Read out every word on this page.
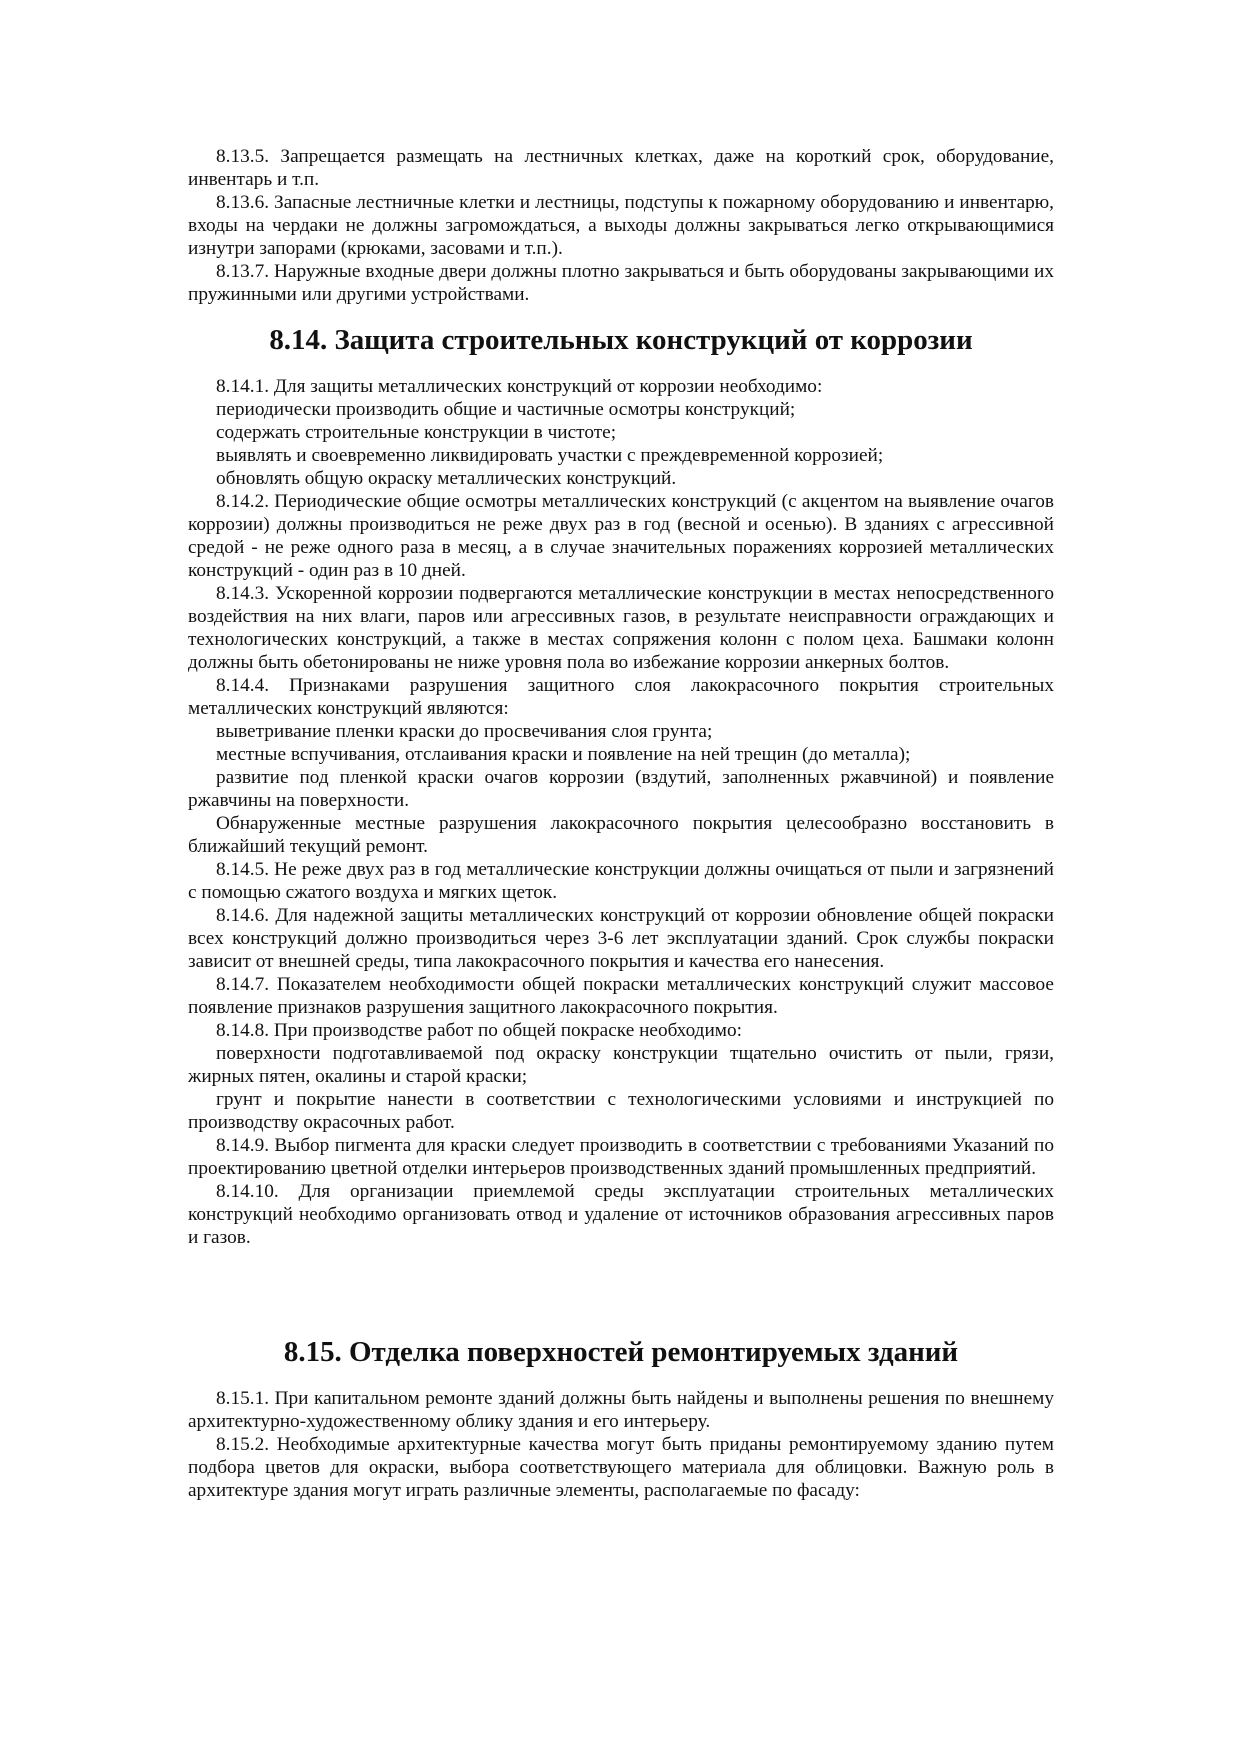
8.13.5. Запрещается размещать на лестничных клетках, даже на короткий срок, оборудование, инвентарь и т.п.

8.13.6. Запасные лестничные клетки и лестницы, подступы к пожарному оборудованию и инвентарю, входы на чердаки не должны загромождаться, а выходы должны закрываться легко открывающимися изнутри запорами (крюками, засовами и т.п.).

8.13.7. Наружные входные двери должны плотно закрываться и быть оборудованы закрывающими их пружинными или другими устройствами.

8.14. Защита строительных конструкций от коррозии

8.14.1. Для защиты металлических конструкций от коррозии необходимо:

периодически производить общие и частичные осмотры конструкций;

содержать строительные конструкции в чистоте;

выявлять и своевременно ликвидировать участки с преждевременной коррозией;

обновлять общую окраску металлических конструкций.

8.14.2. Периодические общие осмотры металлических конструкций (с акцентом на выявление очагов коррозии) должны производиться не реже двух раз в год (весной и осенью). В зданиях с агрессивной средой - не реже одного раза в месяц, а в случае значительных поражениях коррозией металлических конструкций - один раз в 10 дней.

8.14.3. Ускоренной коррозии подвергаются металлические конструкции в местах непосредственного воздействия на них влаги, паров или агрессивных газов, в результате неисправности ограждающих и технологических конструкций, а также в местах сопряжения колонн с полом цеха. Башмаки колонн должны быть обетонированы не ниже уровня пола во избежание коррозии анкерных болтов.

8.14.4. Признаками разрушения защитного слоя лакокрасочного покрытия строительных металлических конструкций являются:

выветривание пленки краски до просвечивания слоя грунта;

местные вспучивания, отслаивания краски и появление на ней трещин (до металла);

развитие под пленкой краски очагов коррозии (вздутий, заполненных ржавчиной) и появление ржавчины на поверхности.

Обнаруженные местные разрушения лакокрасочного покрытия целесообразно восстановить в ближайший текущий ремонт.

8.14.5. Не реже двух раз в год металлические конструкции должны очищаться от пыли и загрязнений с помощью сжатого воздуха и мягких щеток.

8.14.6. Для надежной защиты металлических конструкций от коррозии обновление общей покраски всех конструкций должно производиться через 3-6 лет эксплуатации зданий. Срок службы покраски зависит от внешней среды, типа лакокрасочного покрытия и качества его нанесения.

8.14.7. Показателем необходимости общей покраски металлических конструкций служит массовое появление признаков разрушения защитного лакокрасочного покрытия.

8.14.8. При производстве работ по общей покраске необходимо:

поверхности подготавливаемой под окраску конструкции тщательно очистить от пыли, грязи, жирных пятен, окалины и старой краски;

грунт и покрытие нанести в соответствии с технологическими условиями и инструкцией по производству окрасочных работ.

8.14.9. Выбор пигмента для краски следует производить в соответствии с требованиями Указаний по проектированию цветной отделки интерьеров производственных зданий промышленных предприятий.

8.14.10. Для организации приемлемой среды эксплуатации строительных металлических конструкций необходимо организовать отвод и удаление от источников образования агрессивных паров и газов.

8.15. Отделка поверхностей ремонтируемых зданий

8.15.1. При капитальном ремонте зданий должны быть найдены и выполнены решения по внешнему архитектурно-художественному облику здания и его интерьеру.

8.15.2. Необходимые архитектурные качества могут быть приданы ремонтируемому зданию путем подбора цветов для окраски, выбора соответствующего материала для облицовки. Важную роль в архитектуре здания могут играть различные элементы, располагаемые по фасаду:
